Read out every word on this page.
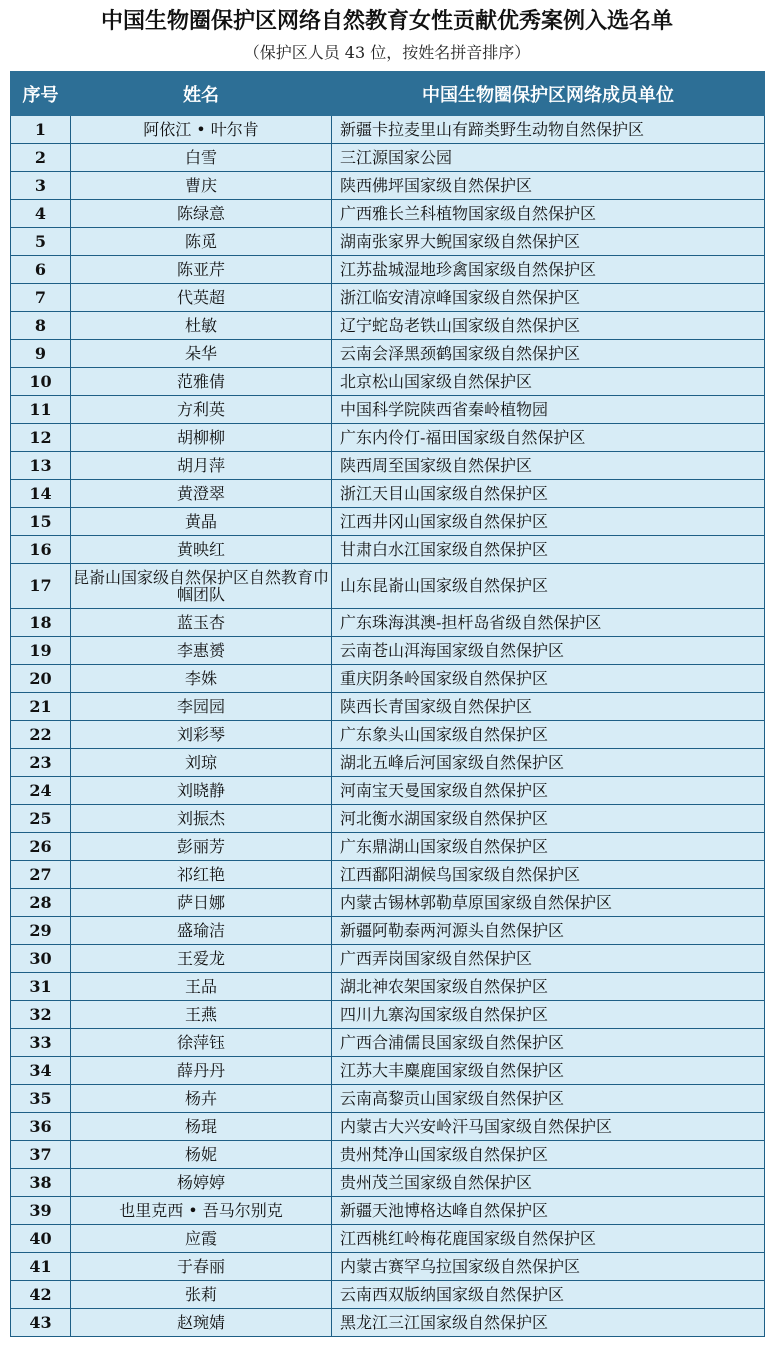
中国生物圈保护区网络自然教育女性贡献优秀案例入选名单
（保护区人员 43 位，按姓名拼音排序）
序号	姓名	中国生物圈保护区网络成员单位
1	阿依江 • 叶尔肯	新疆卡拉麦里山有蹄类野生动物自然保护区
2	白雪	三江源国家公园
3	曹庆	陕西佛坪国家级自然保护区
4	陈绿意	广西雅长兰科植物国家级自然保护区
5	陈觅	湖南张家界大鲵国家级自然保护区
6	陈亚芹	江苏盐城湿地珍禽国家级自然保护区
7	代英超	浙江临安清凉峰国家级自然保护区
8	杜敏	辽宁蛇岛老铁山国家级自然保护区
9	朵华	云南会泽黑颈鹤国家级自然保护区
10	范雅倩	北京松山国家级自然保护区
11	方利英	中国科学院陕西省秦岭植物园
12	胡柳柳	广东内伶仃-福田国家级自然保护区
13	胡月萍	陕西周至国家级自然保护区
14	黄澄翠	浙江天目山国家级自然保护区
15	黄晶	江西井冈山国家级自然保护区
16	黄映红	甘肃白水江国家级自然保护区
17	昆嵛山国家级自然保护区自然教育巾帼团队	山东昆嵛山国家级自然保护区
18	蓝玉杏	广东珠海淇澳-担杆岛省级自然保护区
19	李惠赟	云南苍山洱海国家级自然保护区
20	李姝	重庆阴条岭国家级自然保护区
21	李园园	陕西长青国家级自然保护区
22	刘彩琴	广东象头山国家级自然保护区
23	刘琼	湖北五峰后河国家级自然保护区
24	刘晓静	河南宝天曼国家级自然保护区
25	刘振杰	河北衡水湖国家级自然保护区
26	彭丽芳	广东鼎湖山国家级自然保护区
27	祁红艳	江西鄱阳湖候鸟国家级自然保护区
28	萨日娜	内蒙古锡林郭勒草原国家级自然保护区
29	盛瑜洁	新疆阿勒泰两河源头自然保护区
30	王爱龙	广西弄岗国家级自然保护区
31	王品	湖北神农架国家级自然保护区
32	王燕	四川九寨沟国家级自然保护区
33	徐萍钰	广西合浦儒艮国家级自然保护区
34	薛丹丹	江苏大丰麋鹿国家级自然保护区
35	杨卉	云南高黎贡山国家级自然保护区
36	杨琨	内蒙古大兴安岭汗马国家级自然保护区
37	杨妮	贵州梵净山国家级自然保护区
38	杨婷婷	贵州茂兰国家级自然保护区
39	也里克西 • 吾马尔别克	新疆天池博格达峰自然保护区
40	应霞	江西桃红岭梅花鹿国家级自然保护区
41	于春丽	内蒙古赛罕乌拉国家级自然保护区
42	张莉	云南西双版纳国家级自然保护区
43	赵琬婧	黑龙江三江国家级自然保护区
